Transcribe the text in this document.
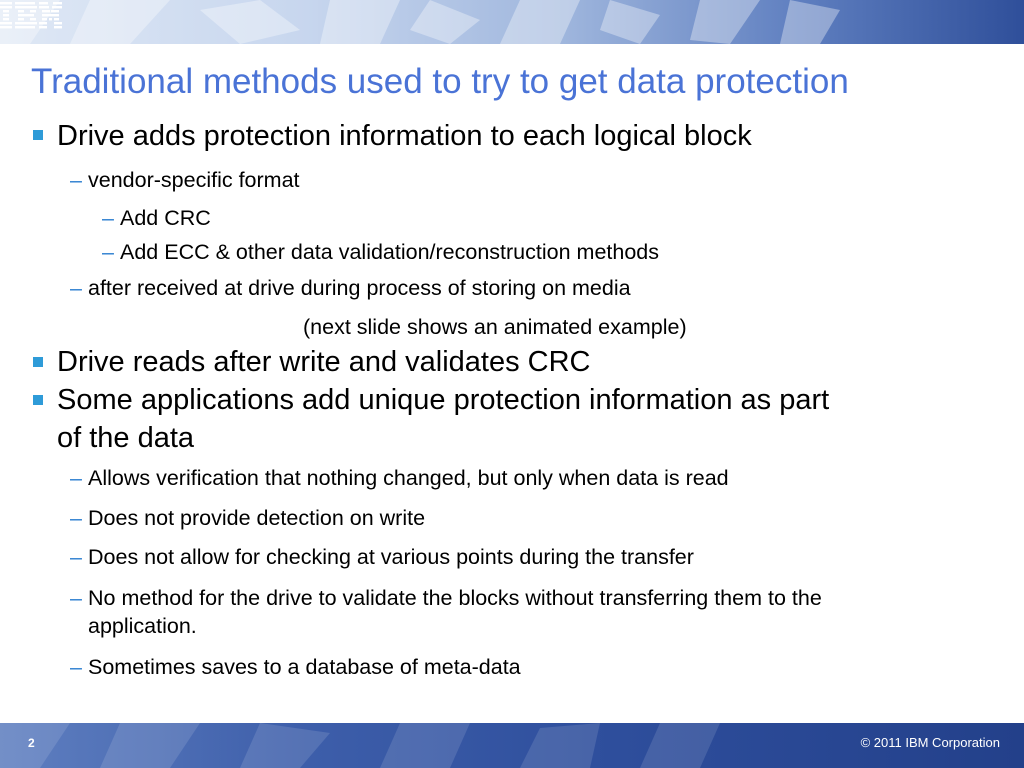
Traditional methods used to try to get data protection
Drive adds protection information to each logical block
– vendor-specific format
– Add CRC
– Add ECC & other data validation/reconstruction methods
– after received at drive during process of storing on media
(next slide shows an animated example)
Drive reads after write and validates CRC
Some applications add unique protection information as part
of the data
– Allows verification that nothing changed, but only when data is read
– Does not provide detection on write
– Does not allow for checking at various points during the transfer
– No method for the drive to validate the blocks without transferring them to the
application.
– Sometimes saves to a database of meta-data
2	© 2011 IBM Corporation
